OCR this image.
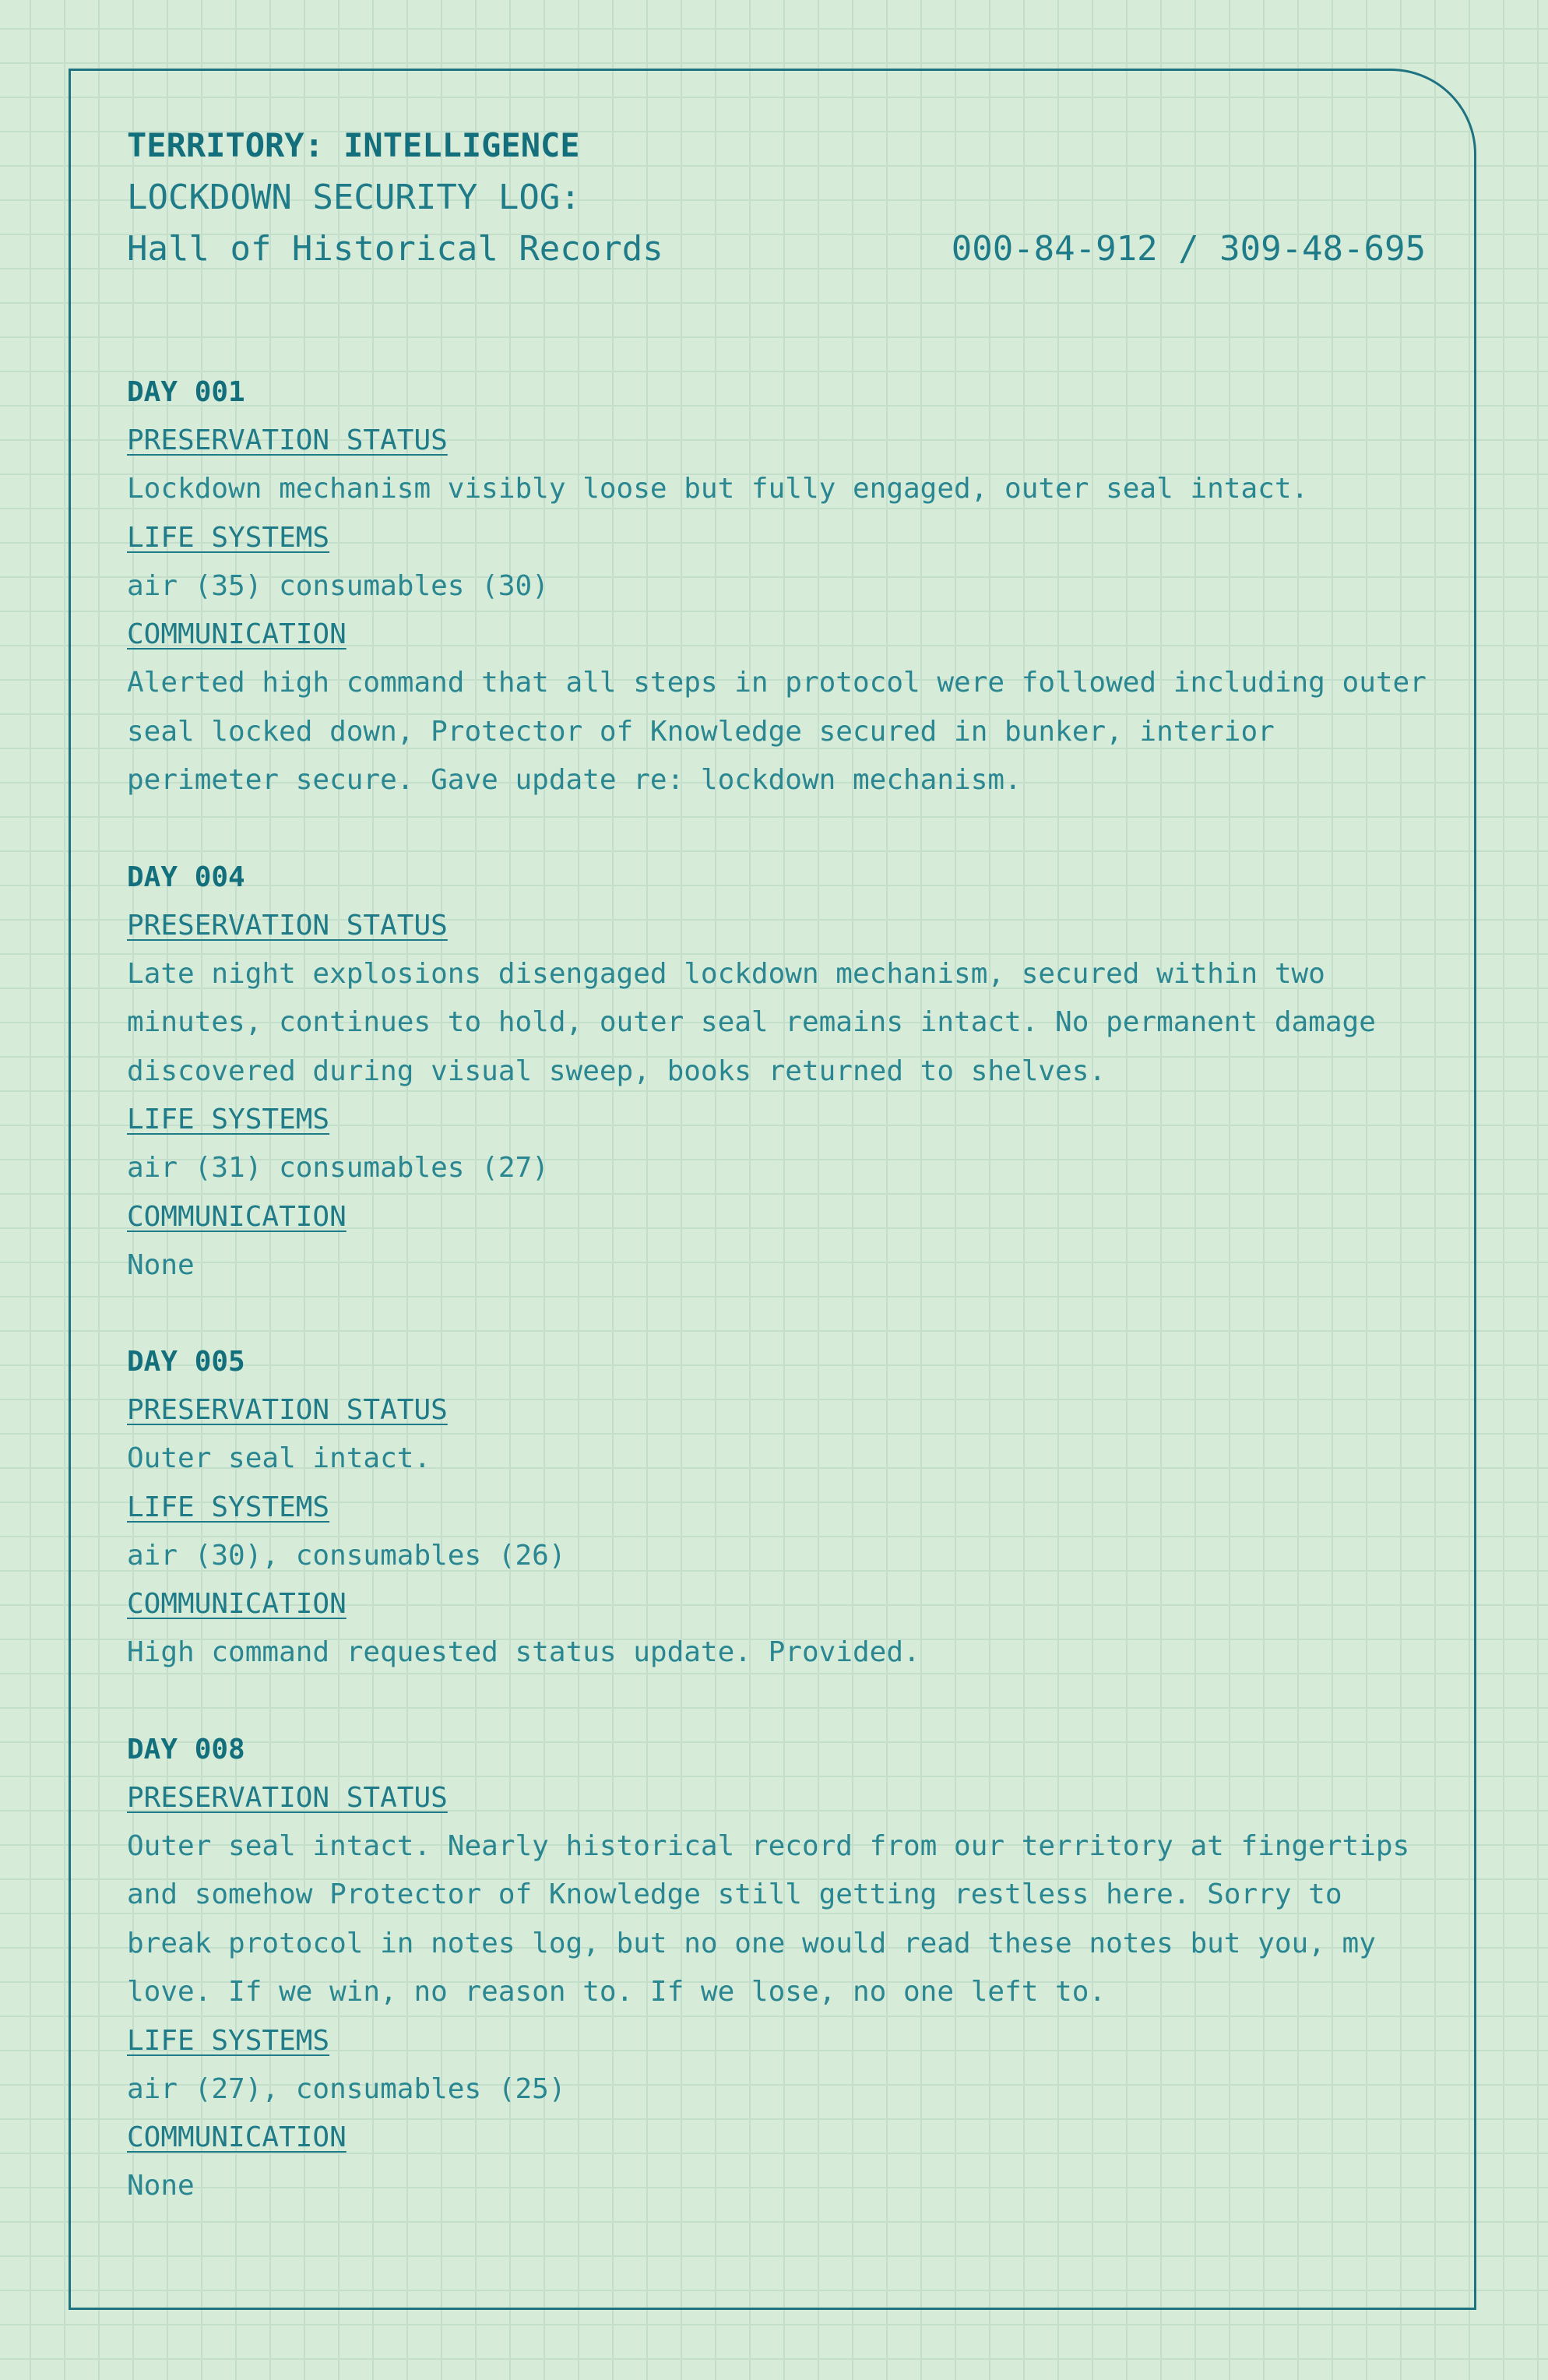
TERRITORY: INTELLIGENCE
LOCKDOWN SECURITY LOG:
Hall of Historical Records	000-84-912 / 309-48-695
DAY 001
PRESERVATION STATUS
Lockdown mechanism visibly loose but fully engaged, outer seal intact.
LIFE SYSTEMS
air (35) consumables (30)
COMMUNICATION
Alerted high command that all steps in protocol were followed including outer seal locked down, Protector of Knowledge secured in bunker, interior perimeter secure. Gave update re: lockdown mechanism.
DAY 004
PRESERVATION STATUS
Late night explosions disengaged lockdown mechanism, secured within two minutes, continues to hold, outer seal remains intact. No permanent damage discovered during visual sweep, books returned to shelves.
LIFE SYSTEMS
air (31) consumables (27)
COMMUNICATION
None
DAY 005
PRESERVATION STATUS
Outer seal intact.
LIFE SYSTEMS
air (30), consumables (26)
COMMUNICATION
High command requested status update. Provided.
DAY 008
PRESERVATION STATUS
Outer seal intact. Nearly historical record from our territory at fingertips and somehow Protector of Knowledge still getting restless here. Sorry to break protocol in notes log, but no one would read these notes but you, my love. If we win, no reason to. If we lose, no one left to.
LIFE SYSTEMS
air (27), consumables (25)
COMMUNICATION
None
